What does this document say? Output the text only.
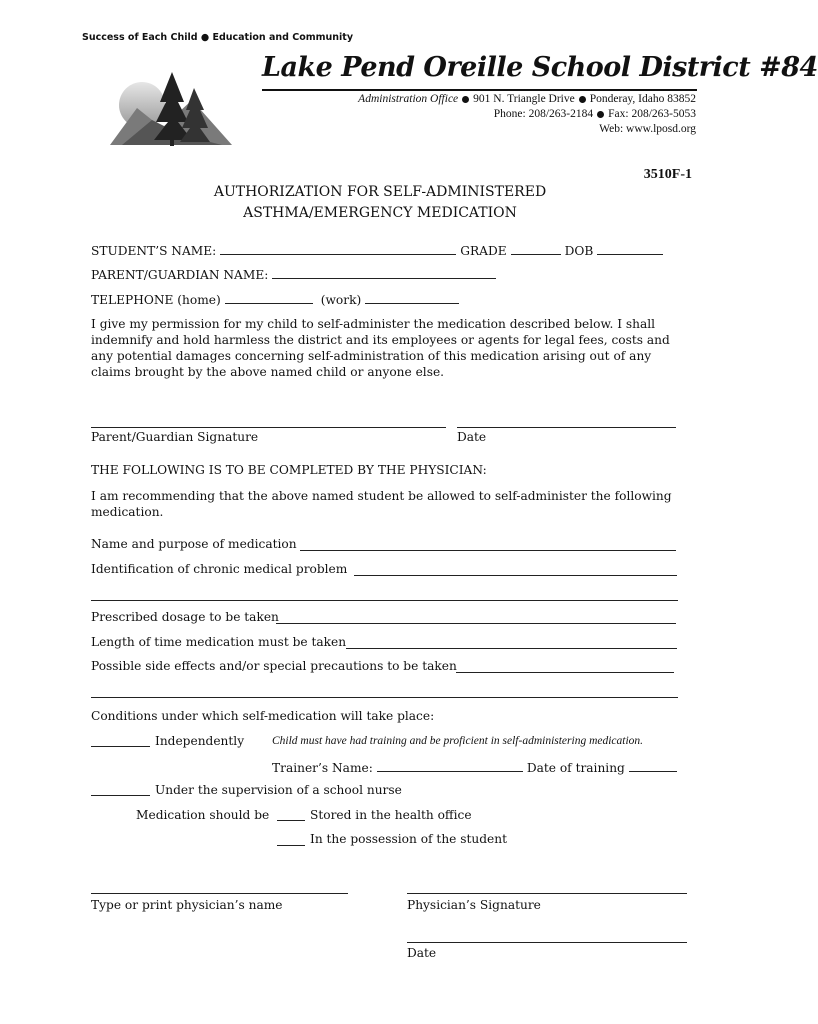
Success of Each Child ● Education and Community
Lake Pend Oreille School District #84
Administration Office 901 N. Triangle Drive Ponderay, Idaho 83852
Phone: 208/263-2184 Fax: 208/263-5053
Web: www.lposd.org
3510F-1
AUTHORIZATION FOR SELF-ADMINISTERED
ASTHMA/EMERGENCY MEDICATION
STUDENT’S NAME:	GRADE	DOB
PARENT/GUARDIAN NAME:
TELEPHONE (home)	(work)
I give my permission for my child to self-administer the medication described below. I shall indemnify and hold harmless the district and its employees or agents for legal fees, costs and any potential damages concerning self-administration of this medication arising out of any claims brought by the above named child or anyone else.
Parent/Guardian Signature	Date
THE FOLLOWING IS TO BE COMPLETED BY THE PHYSICIAN:
I am recommending that the above named student be allowed to self-administer the following medication.
Name and purpose of medication
Identification of chronic medical problem
Prescribed dosage to be taken
Length of time medication must be taken
Possible side effects and/or special precautions to be taken
Conditions under which self-medication will take place:
Independently Child must have had training and be proficient in self-administering medication.
Trainer’s Name:	Date of training
Under the supervision of a school nurse
Medication should be	Stored in the health office
In the possession of the student
Type or print physician’s name	Physician’s Signature
Date
